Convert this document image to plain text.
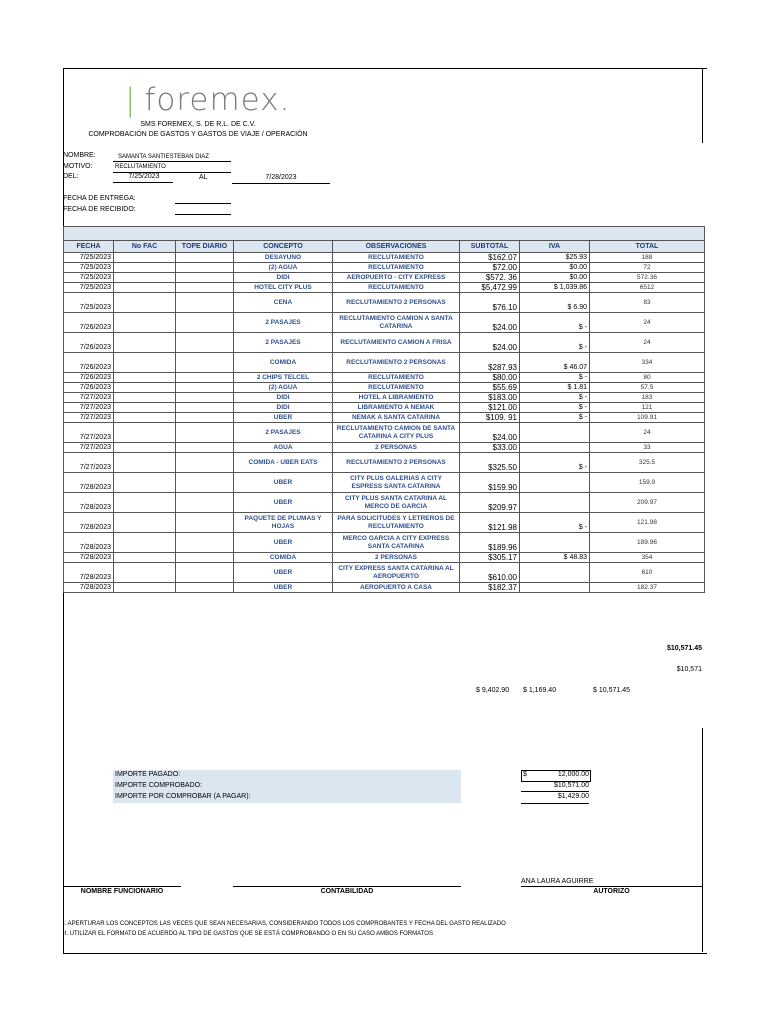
| foremex.
SMS FOREMEX, S. DE R.L. DE C.V.
COMPROBACIÓN DE GASTOS Y GASTOS DE VIAJE / OPERACIÓN
NOMBRE:	SAMANTA SANTIESTEBAN DIAZ
MOTIVO:	RECLUTAMIENTO
DEL:	7/25/2023	AL	7/28/2023
FECHA DE ENTREGA:
FECHA DE RECIBIDO:

FECHA	No FAC	TOPE DIARIO	CONCEPTO	OBSERVACIONES	SUBTOTAL	IVA	TOTAL
7/25/2023			DESAYUNO	RECLUTAMIENTO	$162.07	$25.93	188
7/25/2023			(2) AGUA	RECLUTAMIENTO	$72.00	$0.00	72
7/25/2023			DIDI	AEROPUERTO - CITY EXPRESS	$572. 36	$0.00	572.36
7/25/2023			HOTEL CITY PLUS	RECLUTAMIENTO	$5,472.99	$ 1,039.86	6512
7/25/2023			CENA	RECLUTAMIENTO 2 PERSONAS	$76.10	$ 6.90	83
7/26/2023			2 PASAJES	RECLUTAMIENTO CAMION A SANTA CATARINA	$24.00	$ -	24
7/26/2023			2 PASAJES	RECLUTAMIENTO CAMION A FRISA	$24.00	$ -	24
7/26/2023			COMIDA	RECLUTAMIENTO 2 PERSONAS	$287.93	$ 46.07	334
7/26/2023			2 CHIPS TELCEL	RECLUTAMIENTO	$80.00	$ -	80
7/26/2023			(2) AGUA	RECLUTAMIENTO	$55.69	$ 1.81	57.5
7/27/2023			DIDI	HOTEL A LIBRAMIENTO	$183.00	$ -	183
7/27/2023			DIDI	LIBRAMIENTO A NEMAK	$121.00	$ -	121
7/27/2023			UBER	NEMAK A SANTA CATARINA	$109. 91	$ -	109.91
7/27/2023			2 PASAJES	RECLUTAMIENTO CAMION DE SANTA CATARINA A CITY PLUS	$24.00		24
7/27/2023			AGUA	2 PERSONAS	$33.00		33
7/27/2023			COMIDA - UBER EATS	RECLUTAMIENTO 2 PERSONAS	$325.50	$ -	325.5
7/28/2023			UBER	CITY PLUS GALERIAS A CITY ESPRESS SANTA CATARINA	$159.90		159.9
7/28/2023			UBER	CITY PLUS SANTA CATARINA AL MERCO DE GARCIA	$209.97		209.97
7/28/2023			PAQUETE DE PLUMAS Y HOJAS	PARA SOLICITUDES Y LETREROS DE RECLUTAMIENTO	$121.98	$ -	121.98
7/28/2023			UBER	MERCO GARCIA A CITY EXPRESS SANTA CATARINA	$189.96		189.96
7/28/2023			COMIDA	2 PERSONAS	$305.17	$ 48.83	354
7/28/2023			UBER	CITY EXPRESS SANTA CATARINA AL AEROPUERTO	$610.00		610
7/28/2023			UBER	AEROPUERTO A CASA	$182.37		182.37
$10,571.45
$10,571
$ 9,402.90	$ 1,169.40	$ 10,571.45
IMPORTE PAGADO:
IMPORTE COMPROBADO:
IMPORTE POR COMPROBAR (A PAGAR):
$	12,000.00
$10,571.00
$1,429.00
NOMBRE FUNCIONARIO	CONTABILIDAD
ANA LAURA AGUIRRE
AUTORIZÓ
I. APERTURAR LOS CONCEPTOS LAS VECES QUE SEAN NECESARIAS, CONSIDERANDO TODOS LOS COMPROBANTES Y FECHA DEL GASTO REALIZADO
II. UTILIZAR EL FORMATO DE ACUERDO AL TIPO DE GASTOS QUE SE ESTÁ COMPROBANDO O EN SU CASO AMBOS FORMATOS
